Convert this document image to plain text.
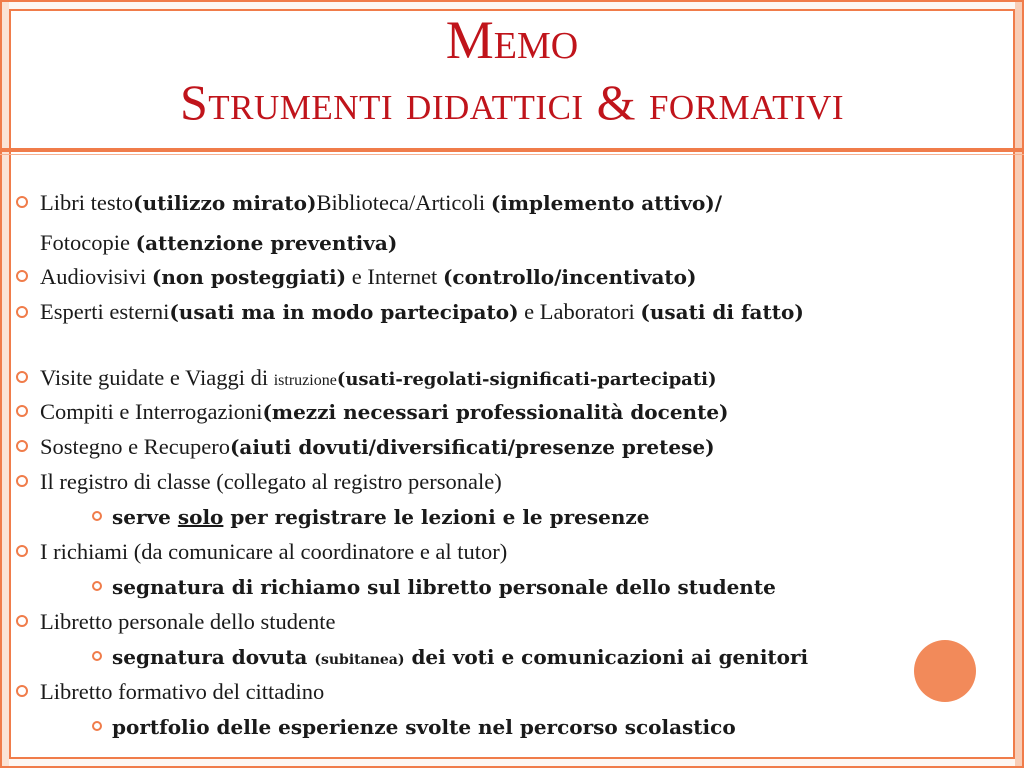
Memo
Strumenti didattici & formativi
Libri testo(utilizzo mirato)Biblioteca/Articoli (implemento attivo)/
Fotocopie (attenzione preventiva)
Audiovisivi (non posteggiati) e Internet (controllo/incentivato)
Esperti esterni(usati ma in modo partecipato) e Laboratori (usati di fatto)
Visite guidate e Viaggi di istruzione(usati-regolati-significati-partecipati)
Compiti e Interrogazioni(mezzi necessari professionalità docente)
Sostegno e Recupero(aiuti dovuti/diversificati/presenze pretese)
Il registro di classe (collegato al registro personale)
serve solo per registrare le lezioni e le presenze
I richiami (da comunicare al coordinatore e al tutor)
segnatura di richiamo sul libretto personale dello studente
Libretto personale dello studente
segnatura dovuta (subitanea) dei voti e comunicazioni ai genitori
Libretto formativo del cittadino
portfolio delle esperienze svolte nel percorso scolastico
